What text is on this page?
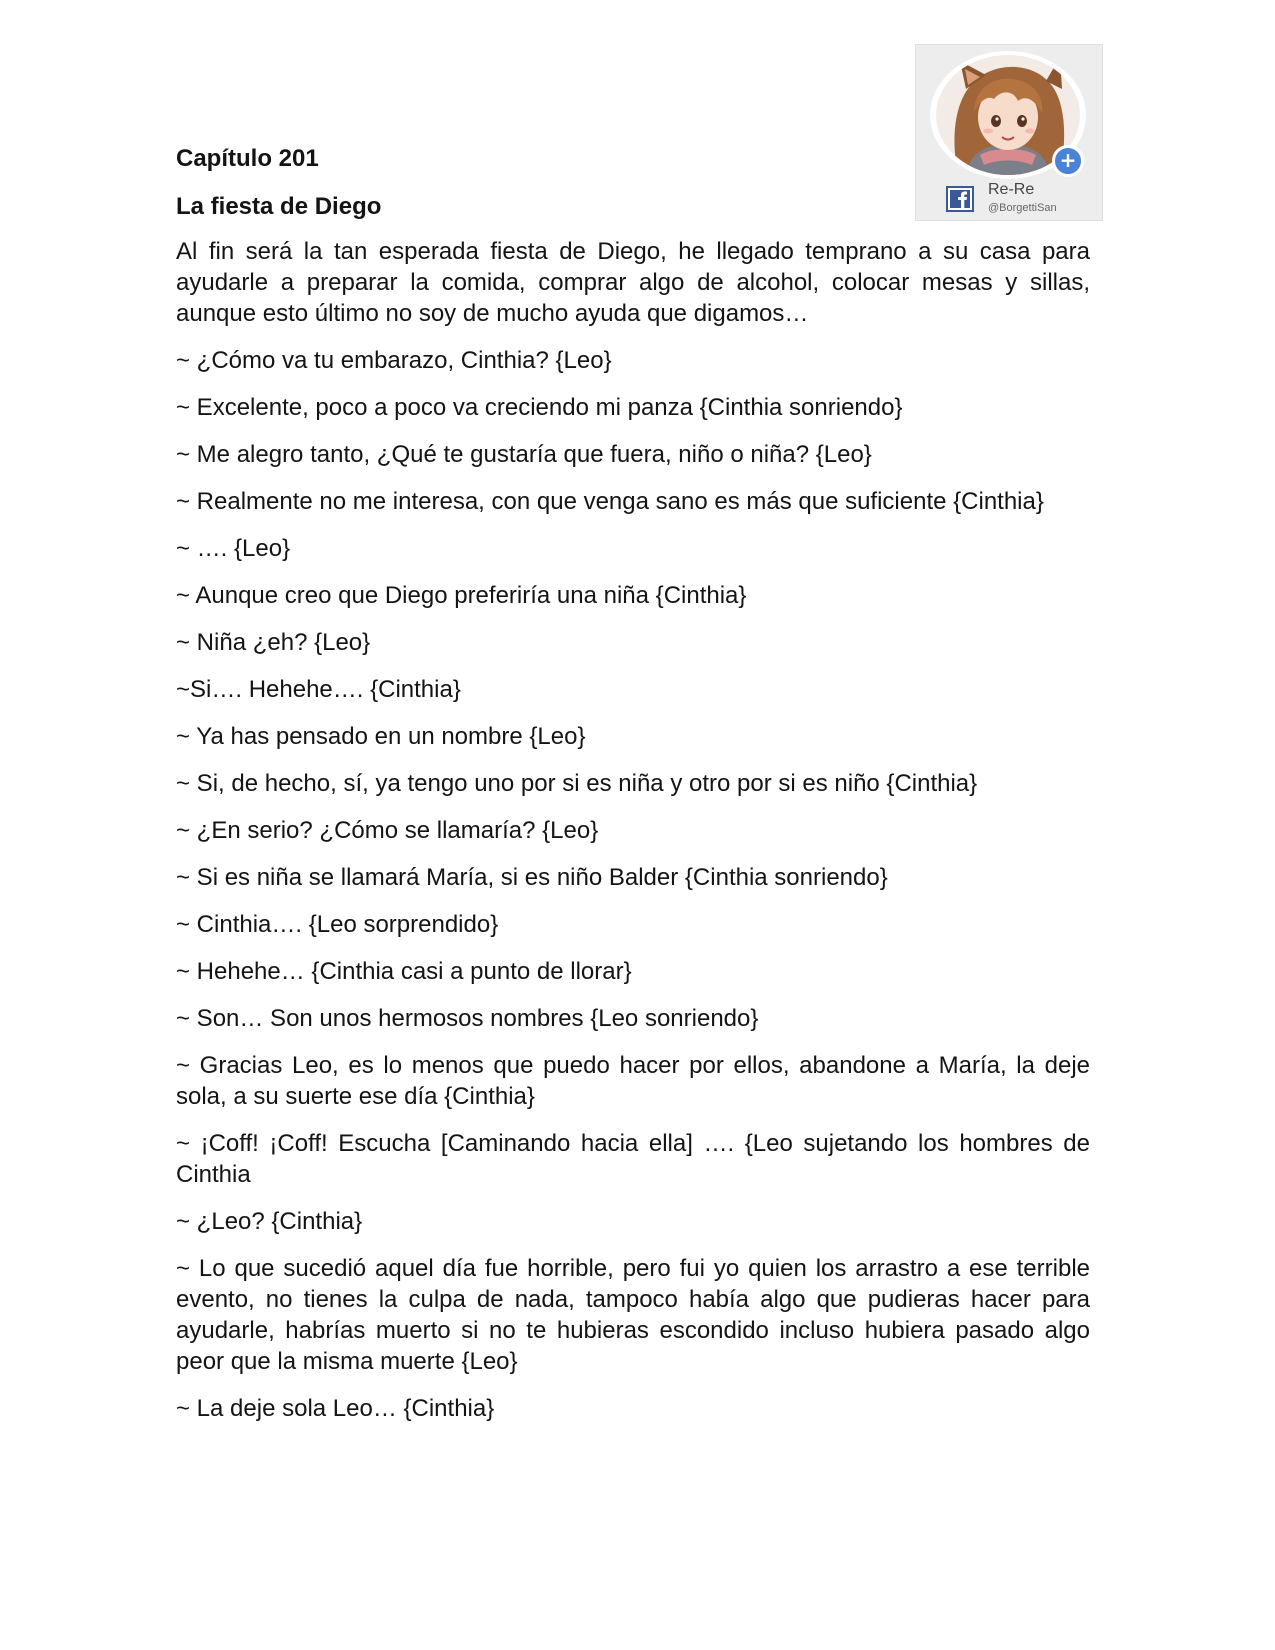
+
Re-Re
@BorgettiSan
Capítulo 201
La fiesta de Diego

Al fin será la tan esperada fiesta de Diego, he llegado temprano a su casa para ayudarle a preparar la comida, comprar algo de alcohol, colocar mesas y sillas, aunque esto último no soy de mucho ayuda que digamos…

~ ¿Cómo va tu embarazo, Cinthia? {Leo}

~ Excelente, poco a poco va creciendo mi panza {Cinthia sonriendo}

~ Me alegro tanto, ¿Qué te gustaría que fuera, niño o niña? {Leo}

~ Realmente no me interesa, con que venga sano es más que suficiente {Cinthia}

~ …. {Leo}

~ Aunque creo que Diego preferiría una niña {Cinthia}

~ Niña ¿eh? {Leo}

~Si…. Hehehe…. {Cinthia}

~ Ya has pensado en un nombre {Leo}

~ Si, de hecho, sí, ya tengo uno por si es niña y otro por si es niño {Cinthia}

~ ¿En serio? ¿Cómo se llamaría? {Leo}

~ Si es niña se llamará María, si es niño Balder {Cinthia sonriendo}

~ Cinthia…. {Leo sorprendido}

~ Hehehe… {Cinthia casi a punto de llorar}

~ Son… Son unos hermosos nombres {Leo sonriendo}

~ Gracias Leo, es lo menos que puedo hacer por ellos, abandone a María, la deje sola, a su suerte ese día {Cinthia}

~ ¡Coff! ¡Coff! Escucha [Caminando hacia ella] …. {Leo sujetando los hombres de Cinthia

~ ¿Leo? {Cinthia}

~ Lo que sucedió aquel día fue horrible, pero fui yo quien los arrastro a ese terrible evento, no tienes la culpa de nada, tampoco había algo que pudieras hacer para ayudarle, habrías muerto si no te hubieras escondido incluso hubiera pasado algo peor que la misma muerte {Leo}

~ La deje sola Leo… {Cinthia}
